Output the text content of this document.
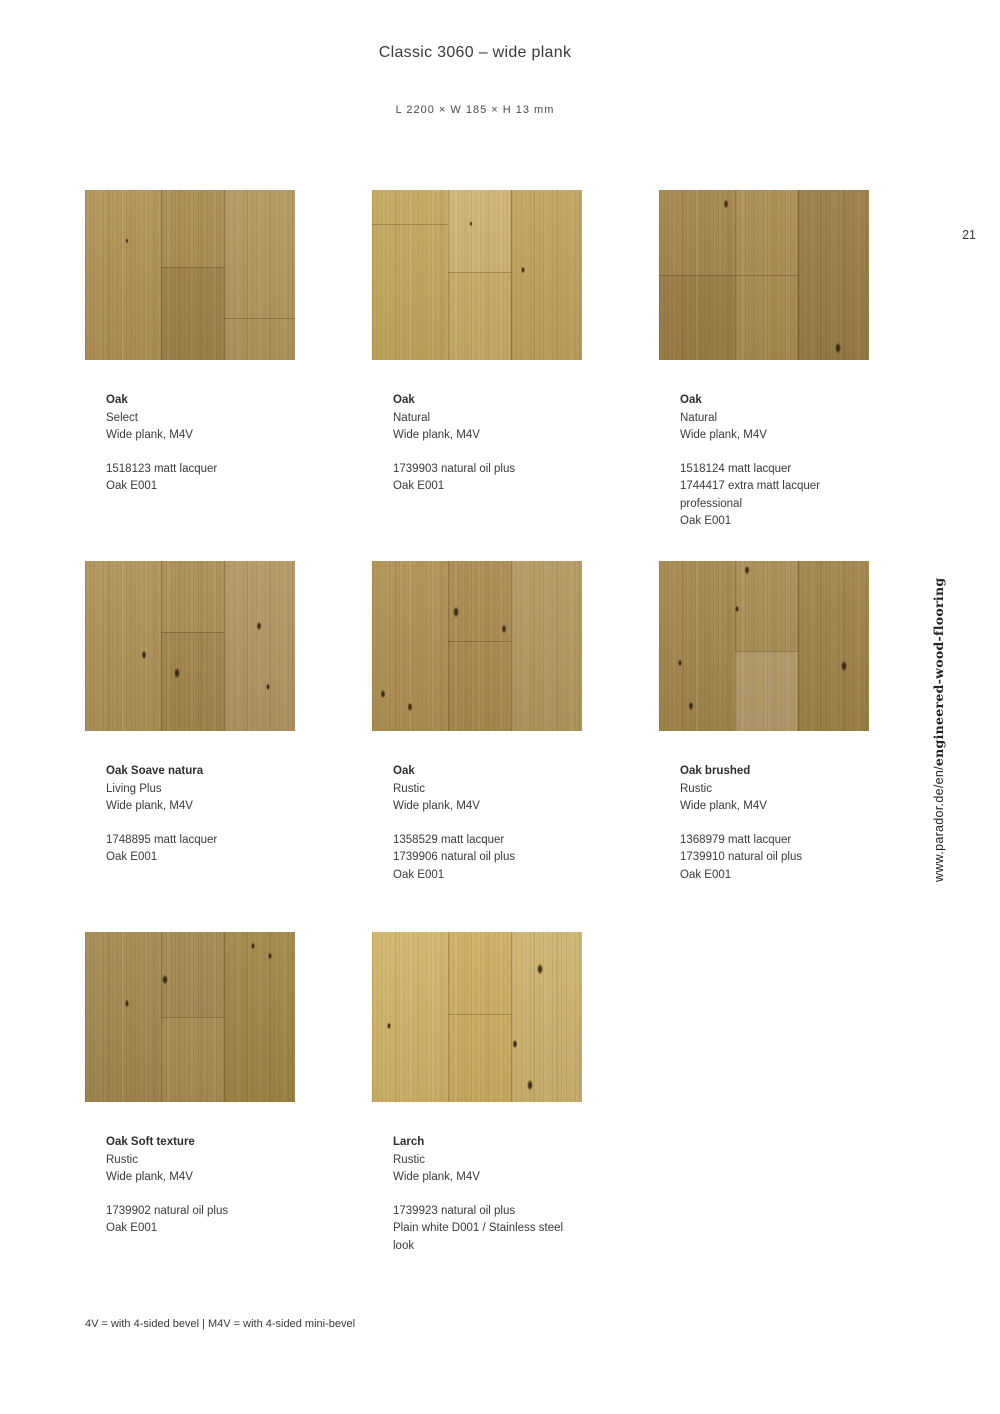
Classic 3060 – wide plank
L 2200 × W 185 × H 13 mm
21
www.parador.de/en/engineered-wood-flooring
Oak
Select
Wide plank, M4V
1518123 matt lacquer
Oak E001
Oak
Natural
Wide plank, M4V
1739903 natural oil plus
Oak E001
Oak
Natural
Wide plank, M4V
1518124 matt lacquer
1744417 extra matt lacquer
professional
Oak E001
Oak Soave natura
Living Plus
Wide plank, M4V
1748895 matt lacquer
Oak E001
Oak
Rustic
Wide plank, M4V
1358529 matt lacquer
1739906 natural oil plus
Oak E001
Oak brushed
Rustic
Wide plank, M4V
1368979 matt lacquer
1739910 natural oil plus
Oak E001
Oak Soft texture
Rustic
Wide plank, M4V
1739902 natural oil plus
Oak E001
Larch
Rustic
Wide plank, M4V
1739923 natural oil plus
Plain white D001 / Stainless steel look
4V = with 4-sided bevel | M4V = with 4-sided mini-bevel
